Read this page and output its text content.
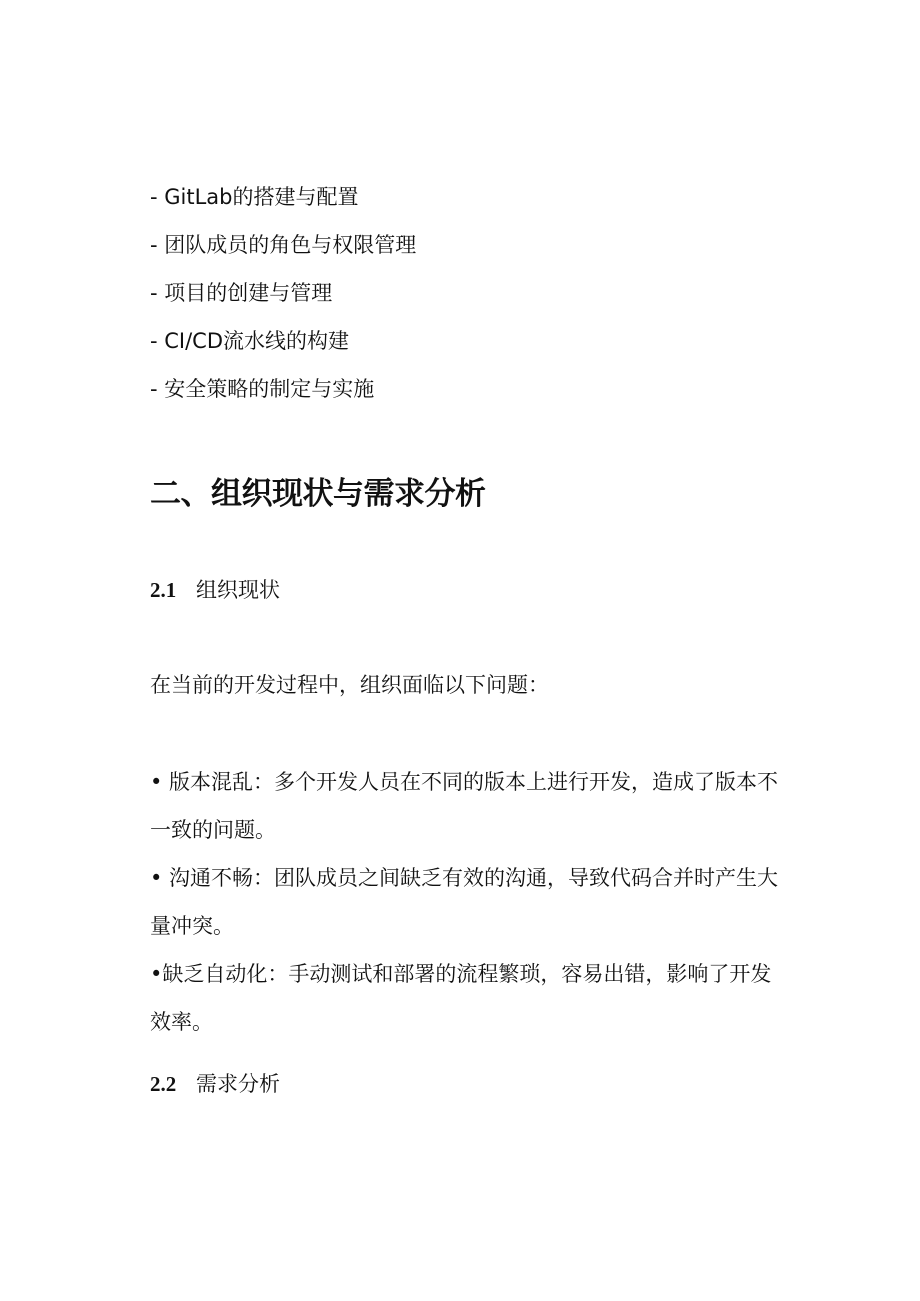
- GitLab的搭建与配置
- 团队成员的角色与权限管理
- 项目的创建与管理
- CI/CD流水线的构建
- 安全策略的制定与实施
二、组织现状与需求分析
2.1 组织现状
在当前的开发过程中，组织面临以下问题：
• 版本混乱：多个开发人员在不同的版本上进行开发，造成了版本不
一致的问题。
• 沟通不畅：团队成员之间缺乏有效的沟通，导致代码合并时产生大
量冲突。
•缺乏自动化：手动测试和部署的流程繁琐，容易出错，影响了开发
效率。
2.2 需求分析
